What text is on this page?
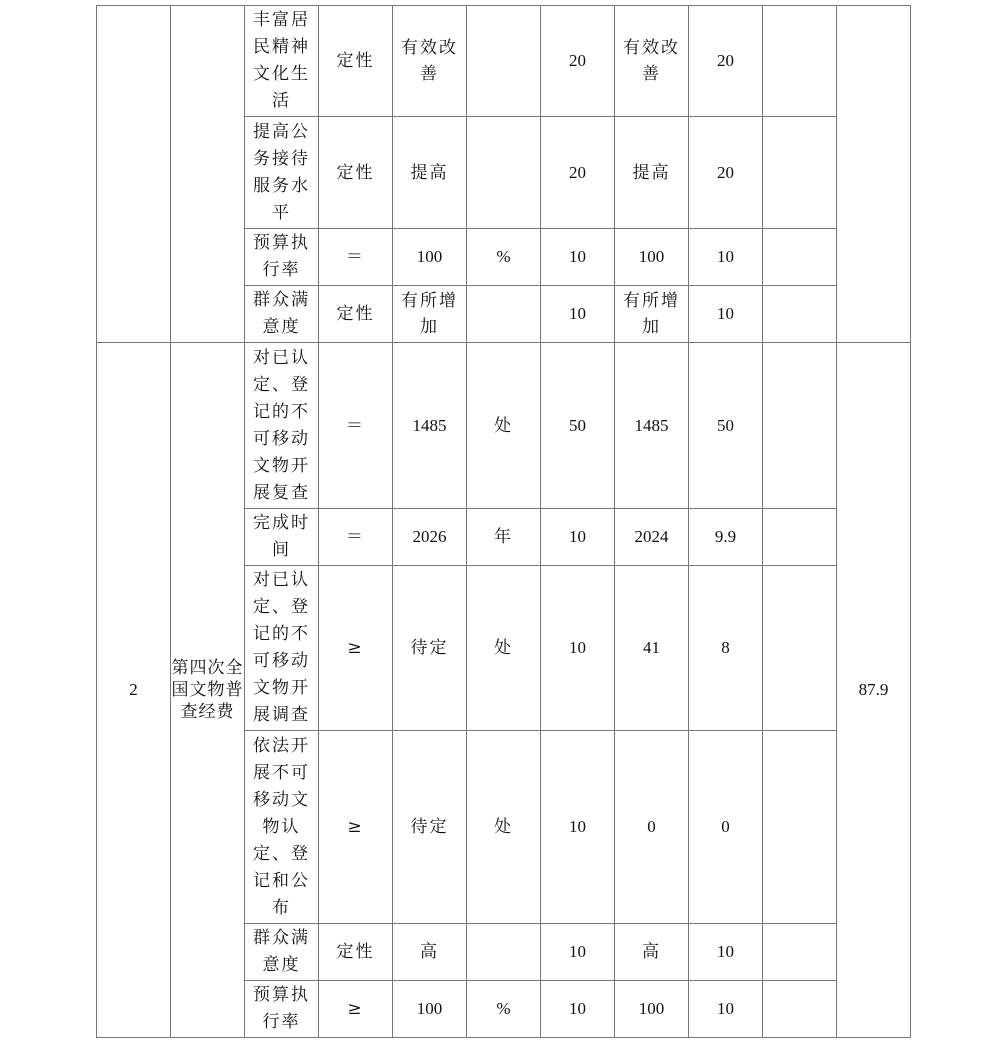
		丰富居民精神文化生活	定性	有效改善		20	有效改善	20		
		提高公务接待服务水平	定性	提高		20	提高	20		
		预算执行率	＝	100	%	10	100	10		
		群众满意度	定性	有所增加		10	有所增加	10		
2	第四次全国文物普查经费	对已认定、登记的不可移动文物开展复查	＝	1485	处	50	1485	50		87.9
		完成时间	＝	2026	年	10	2024	9.9		
		对已认定、登记的不可移动文物开展调查	≥	待定	处	10	41	8		
		依法开展不可移动文物认定、登记和公布	≥	待定	处	10	0	0		
		群众满意度	定性	高		10	高	10		
		预算执行率	≥	100	%	10	100	10		
